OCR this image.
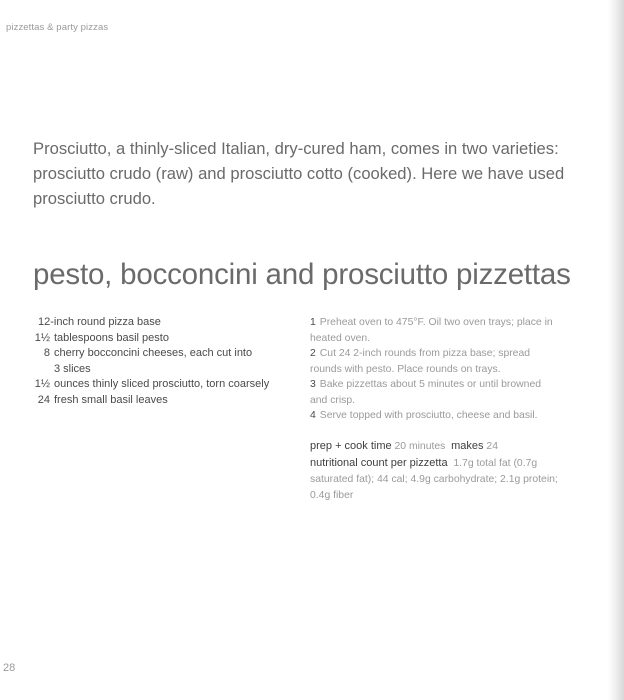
pizzettas & party pizzas

Prosciutto, a thinly-sliced Italian, dry-cured ham, comes in two varieties: prosciutto crudo (raw) and prosciutto cotto (cooked). Here we have used prosciutto crudo.

pesto, bocconcini and prosciutto pizzettas
12-inch round pizza base
1½ tablespoons basil pesto
8 cherry bocconcini cheeses, each cut into 3 slices
1½ ounces thinly sliced prosciutto, torn coarsely
24 fresh small basil leaves
1 Preheat oven to 475°F. Oil two oven trays; place in heated oven.
2 Cut 24 2-inch rounds from pizza base; spread rounds with pesto. Place rounds on trays.
3 Bake pizzettas about 5 minutes or until browned and crisp.
4 Serve topped with prosciutto, cheese and basil.
prep + cook time 20 minutes makes 24
nutritional count per pizzetta 1.7g total fat (0.7g saturated fat); 44 cal; 4.9g carbohydrate; 2.1g protein; 0.4g fiber
28
